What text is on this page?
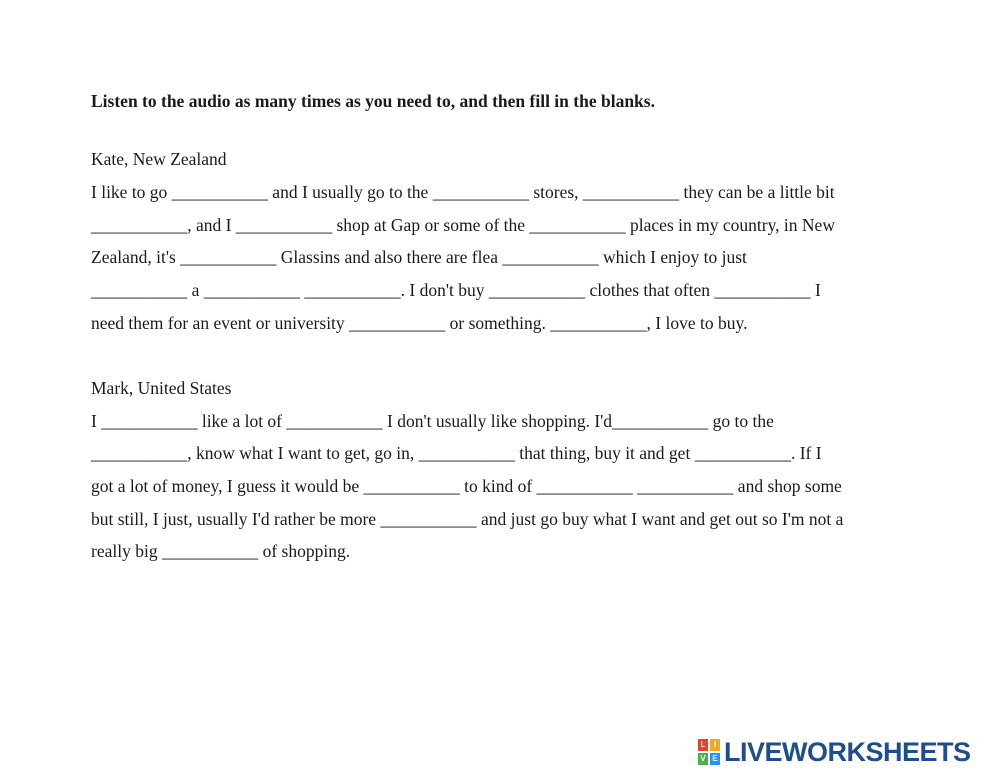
Listen to the audio as many times as you need to, and then fill in the blanks.
Kate, New Zealand
I like to go ___________ and I usually go to the ___________ stores, ___________ they can be a little bit
___________, and I ___________ shop at Gap or some of the ___________ places in my country, in New
Zealand, it's ___________ Glassins and also there are flea ___________ which I enjoy to just
___________ a ___________ ___________. I don't buy ___________ clothes that often ___________ I
need them for an event or university ___________ or something. ___________, I love to buy.
Mark, United States
I ___________ like a lot of ___________ I don't usually like shopping. I'd___________ go to the
___________, know what I want to get, go in, ___________ that thing, buy it and get ___________. If I
got a lot of money, I guess it would be ___________ to kind of ___________ ___________ and shop some
but still, I just, usually I'd rather be more ___________ and just go buy what I want and get out so I'm not a
really big ___________ of shopping.
L	I
V E LIVEWORKSHEETS
